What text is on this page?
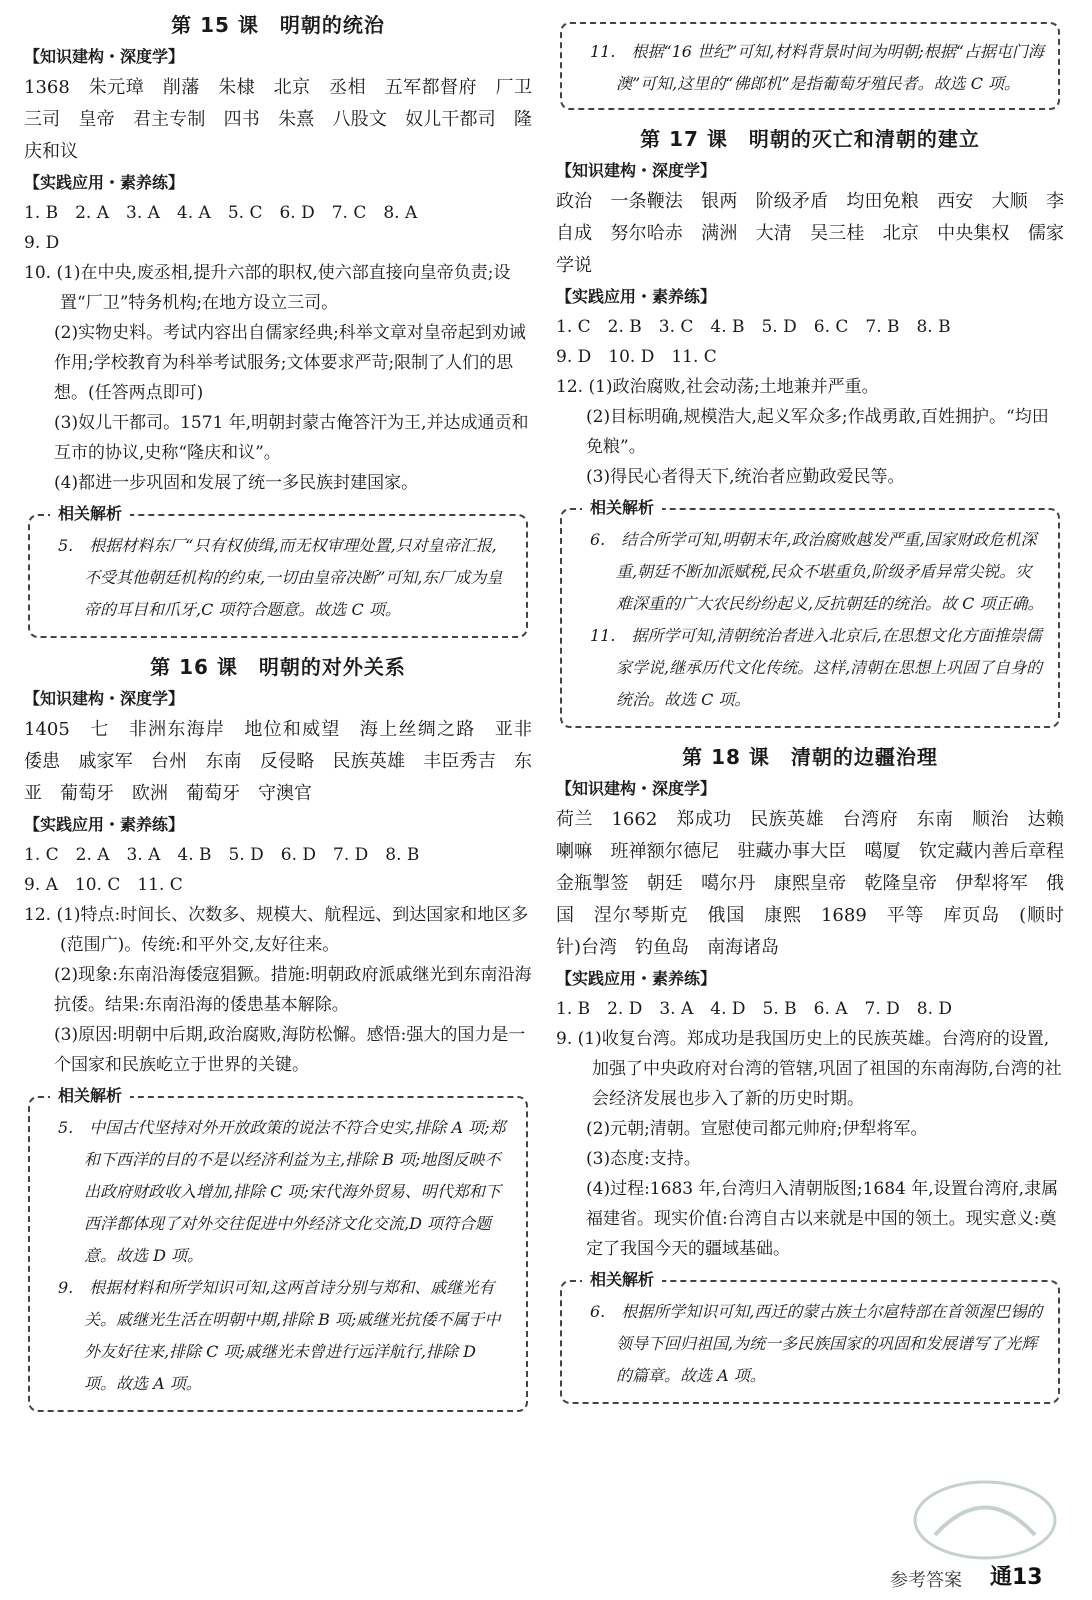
第 15 课　明朝的统治
【知识建构・深度学】
1368　朱元璋　削藩　朱棣　北京　丞相　五军都督府　厂卫　三司　皇帝　君主专制　四书　朱熹　八股文　奴儿干都司　隆庆和议
【实践应用・素养练】
1. B　2. A　3. A　4. A　5. C　6. D　7. C　8. A
9. D
10. (1)在中央,废丞相,提升六部的职权,使六部直接向皇帝负责;设置“厂卫”特务机构;在地方设立三司。
(2)实物史料。考试内容出自儒家经典;科举文章对皇帝起到劝诫作用;学校教育为科举考试服务;文体要求严苛;限制了人们的思想。(任答两点即可)
(3)奴儿干都司。1571 年,明朝封蒙古俺答汗为王,并达成通贡和互市的协议,史称“隆庆和议”。
(4)都进一步巩固和发展了统一多民族封建国家。
相关解析
5.　根据材料东厂“只有权侦缉,而无权审理处置,只对皇帝汇报,不受其他朝廷机构的约束,一切由皇帝决断”可知,东厂成为皇帝的耳目和爪牙,C 项符合题意。故选 C 项。
第 16 课　明朝的对外关系
【知识建构・深度学】
1405　七　非洲东海岸　地位和威望　海上丝绸之路　亚非　倭患　戚家军　台州　东南　反侵略　民族英雄　丰臣秀吉　东亚　葡萄牙　欧洲　葡萄牙　守澳官
【实践应用・素养练】
1. C　2. A　3. A　4. B　5. D　6. D　7. D　8. B
9. A　10. C　11. C
12. (1)特点:时间长、次数多、规模大、航程远、到达国家和地区多(范围广)。传统:和平外交,友好往来。
(2)现象:东南沿海倭寇猖獗。措施:明朝政府派戚继光到东南沿海抗倭。结果:东南沿海的倭患基本解除。
(3)原因:明朝中后期,政治腐败,海防松懈。感悟:强大的国力是一个国家和民族屹立于世界的关键。
相关解析
5.　中国古代坚持对外开放政策的说法不符合史实,排除 A 项;郑和下西洋的目的不是以经济利益为主,排除 B 项;地图反映不出政府财政收入增加,排除 C 项;宋代海外贸易、明代郑和下西洋都体现了对外交往促进中外经济文化交流,D 项符合题意。故选 D 项。
9.　根据材料和所学知识可知,这两首诗分别与郑和、戚继光有关。戚继光生活在明朝中期,排除 B 项;戚继光抗倭不属于中外友好往来,排除 C 项;戚继光未曾进行远洋航行,排除 D 项。故选 A 项。
11.　根据“16 世纪”可知,材料背景时间为明朝;根据“占据屯门海澳”可知,这里的“佛郎机”是指葡萄牙殖民者。故选 C 项。
第 17 课　明朝的灭亡和清朝的建立
【知识建构・深度学】
政治　一条鞭法　银两　阶级矛盾　均田免粮　西安　大顺　李自成　努尔哈赤　满洲　大清　吴三桂　北京　中央集权　儒家学说
【实践应用・素养练】
1. C　2. B　3. C　4. B　5. D　6. C　7. B　8. B
9. D　10. D　11. C
12. (1)政治腐败,社会动荡;土地兼并严重。
(2)目标明确,规模浩大,起义军众多;作战勇敢,百姓拥护。“均田免粮”。
(3)得民心者得天下,统治者应勤政爱民等。
相关解析
6.　结合所学可知,明朝末年,政治腐败越发严重,国家财政危机深重,朝廷不断加派赋税,民众不堪重负,阶级矛盾异常尖锐。灾难深重的广大农民纷纷起义,反抗朝廷的统治。故 C 项正确。
11.　据所学可知,清朝统治者进入北京后,在思想文化方面推崇儒家学说,继承历代文化传统。这样,清朝在思想上巩固了自身的统治。故选 C 项。
第 18 课　清朝的边疆治理
【知识建构・深度学】
荷兰　1662　郑成功　民族英雄　台湾府　东南　顺治　达赖喇嘛　班禅额尔德尼　驻藏办事大臣　噶厦　钦定藏内善后章程　金瓶掣签　朝廷　噶尔丹　康熙皇帝　乾隆皇帝　伊犁将军　俄国　涅尔琴斯克　俄国　康熙　1689　平等　库页岛　(顺时针)台湾　钓鱼岛　南海诸岛
【实践应用・素养练】
1. B　2. D　3. A　4. D　5. B　6. A　7. D　8. D
9. (1)收复台湾。郑成功是我国历史上的民族英雄。台湾府的设置,加强了中央政府对台湾的管辖,巩固了祖国的东南海防,台湾的社会经济发展也步入了新的历史时期。
(2)元朝;清朝。宣慰使司都元帅府;伊犁将军。
(3)态度:支持。
(4)过程:1683 年,台湾归入清朝版图;1684 年,设置台湾府,隶属福建省。现实价值:台湾自古以来就是中国的领土。现实意义:奠定了我国今天的疆域基础。
相关解析
6.　根据所学知识可知,西迁的蒙古族土尔扈特部在首领渥巴锡的领导下回归祖国,为统一多民族国家的巩固和发展谱写了光辉的篇章。故选 A 项。
参考答案 通13
